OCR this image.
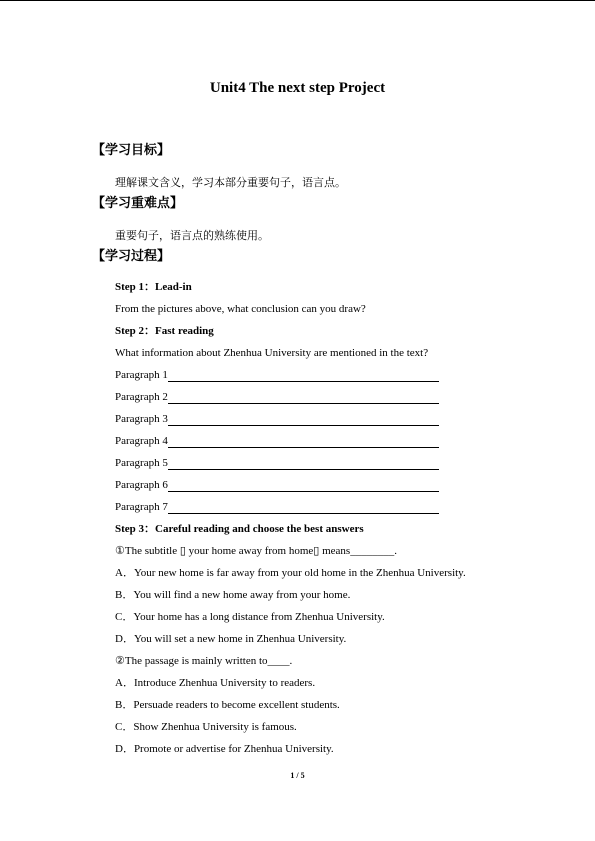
Unit4 The next step Project
【学习目标】
理解课文含义，学习本部分重要句子，语言点。
【学习重难点】
重要句子，语言点的熟练使用。
【学习过程】
Step 1：Lead-in
From the pictures above, what conclusion can you draw?
Step 2：Fast reading
What information about Zhenhua University are mentioned in the text?
Paragraph 1
Paragraph 2
Paragraph 3
Paragraph 4
Paragraph 5
Paragraph 6
Paragraph 7
Step 3：Careful reading and choose the best answers
①The subtitle ▯ your home away from home▯ means________.
A．Your new home is far away from your old home in the Zhenhua University.
B．You will find a new home away from your home.
C．Your home has a long distance from Zhenhua University.
D．You will set a new home in Zhenhua University.
②The passage is mainly written to____.
A．Introduce Zhenhua University to readers.
B．Persuade readers to become excellent students.
C．Show Zhenhua University is famous.
D．Promote or advertise for Zhenhua University.
1 / 5
